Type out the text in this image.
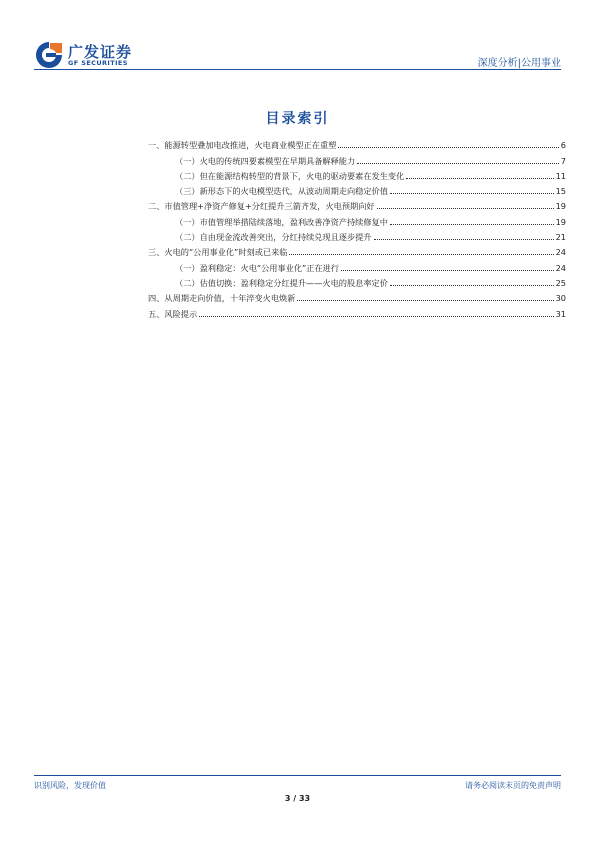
广发证券
GF SECURITIES	深度分析|公用事业
目录索引
一、能源转型叠加电改推进，火电商业模型正在重塑	6
（一）火电的传统四要素模型在早期具备解释能力	7
（二）但在能源结构转型的背景下，火电的驱动要素在发生变化	11
（三）新形态下的火电模型迭代，从波动周期走向稳定价值	15
二、市值管理+净资产修复+分红提升三箭齐发，火电预期向好	19
（一）市值管理举措陆续落地，盈利改善净资产持续修复中	19
（二）自由现金流改善突出，分红持续兑现且逐步提升	21
三、火电的“公用事业化”时刻或已来临	24
（一）盈利稳定：火电“公用事业化”正在进行	24
（二）估值切换：盈利稳定分红提升——火电的股息率定价	25
四、从周期走向价值，十年淬变火电焕新	30
五、风险提示	31
识别风险，发现价值	请务必阅读末页的免责声明
3 / 33
